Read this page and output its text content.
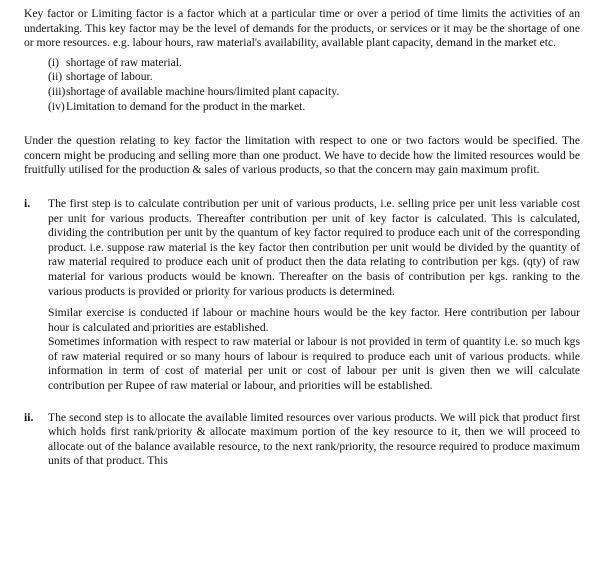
Key factor or Limiting factor is a factor which at a particular time or over a period of time limits the activities of an undertaking. This key factor may be the level of demands for the products, or services or it may be the shortage of one or more resources. e.g. labour hours, raw material's availability, available plant capacity, demand in the market etc.

(i) shortage of raw material.
(ii) shortage of labour.
(iii) shortage of available machine hours/limited plant capacity.
(iv) Limitation to demand for the product in the market.

Under the question relating to key factor the limitation with respect to one or two factors would be specified. The concern might be producing and selling more than one product. We have to decide how the limited resources would be fruitfully utilised for the production & sales of various products, so that the concern may gain maximum profit.

i.	The first step is to calculate contribution per unit of various products, i.e. selling price per unit less variable cost per unit for various products. Thereafter contribution per unit of key factor is calculated. This is calculated, dividing the contribution per unit by the quantum of key factor required to produce each unit of the corresponding product. i.e. suppose raw material is the key factor then contribution per unit would be divided by the quantity of raw material required to produce each unit of product then the data relating to contribution per kgs. (qty) of raw material for various products would be known. Thereafter on the basis of contribution per kgs. ranking to the various products is provided or priority for various products is determined.

Similar exercise is conducted if labour or machine hours would be the key factor. Here contribution per labour hour is calculated and priorities are established.

Sometimes information with respect to raw material or labour is not provided in term of quantity i.e. so much kgs of raw material required or so many hours of labour is required to produce each unit of various products. while information in term of cost of material per unit or cost of labour per unit is given then we will calculate contribution per Rupee of raw material or labour, and priorities will be established.

ii.	The second step is to allocate the available limited resources over various products. We will pick that product first which holds first rank/priority & allocate maximum portion of the key resource to it, then we will proceed to allocate out of the balance available resource, to the next rank/priority, the resource required to produce maximum units of that product. This
